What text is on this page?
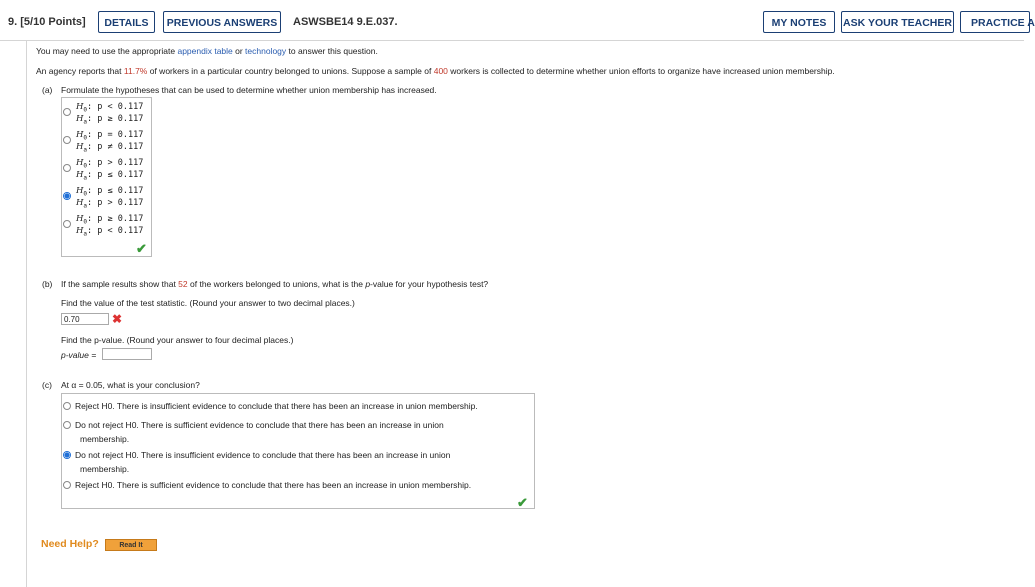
9. [5/10 Points]	DETAILS	PREVIOUS ANSWERS	ASWSBE14 9.E.037.	MY NOTES	ASK YOUR TEACHER	PRACTICE A
You may need to use the appropriate appendix table or technology to answer this question.
An agency reports that 11.7% of workers in a particular country belonged to unions. Suppose a sample of 400 workers is collected to determine whether union efforts to organize have increased union membership.
(a) Formulate the hypotheses that can be used to determine whether union membership has increased.
$H_0$: p < 0.117
$H_a$: p ≥ 0.117
$H_0$: p = 0.117
$H_a$: p ≠ 0.117
$H_0$: p > 0.117
$H_a$: p ≤ 0.117
$H_0$: p ≤ 0.117
$H_a$: p > 0.117
$H_0$: p ≥ 0.117
$H_a$: p < 0.117
✔
(b) If the sample results show that 52 of the workers belonged to unions, what is the p-value for your hypothesis test?
Find the value of the test statistic. (Round your answer to two decimal places.)
0.70	✖
Find the p-value. (Round your answer to four decimal places.)
p-value =
(c) At α = 0.05, what is your conclusion?
Reject H0. There is insufficient evidence to conclude that there has been an increase in union membership.
Do not reject H0. There is sufficient evidence to conclude that there has been an increase in union
membership.
Do not reject H0. There is insufficient evidence to conclude that there has been an increase in union
membership.
Reject H0. There is sufficient evidence to conclude that there has been an increase in union membership.
✔
Need Help?	Read It
